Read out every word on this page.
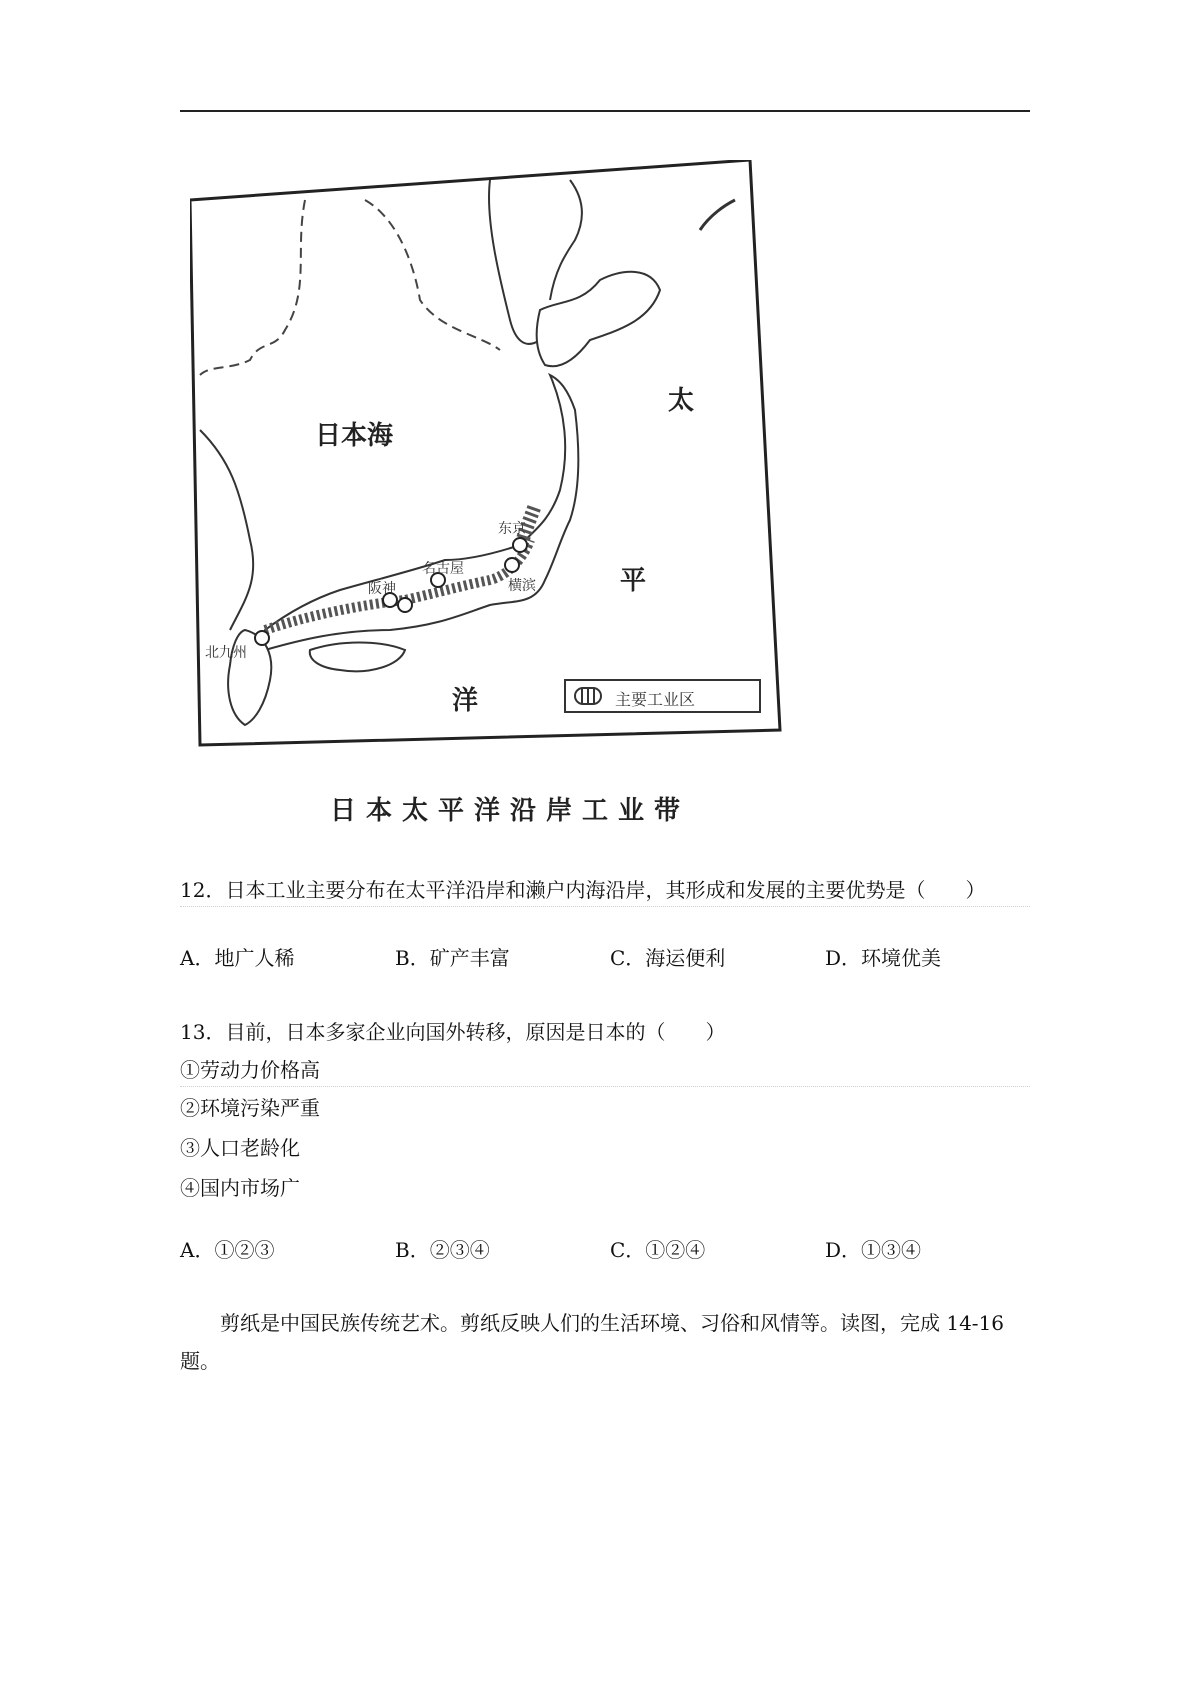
日本海
太
平
洋
北九州
阪神
名古屋
东京
横滨
主要工业区
日本太平洋沿岸工业带
12．日本工业主要分布在太平洋沿岸和濑户内海沿岸，其形成和发展的主要优势是（　　）
A．地广人稀	B．矿产丰富	C．海运便利	D．环境优美
13．目前，日本多家企业向国外转移，原因是日本的（　　）
①劳动力价格高
②环境污染严重
③人口老龄化
④国内市场广
A．①②③	B．②③④	C．①②④	D．①③④
剪纸是中国民族传统艺术。剪纸反映人们的生活环境、习俗和风情等。读图，完成 14-16 题。
